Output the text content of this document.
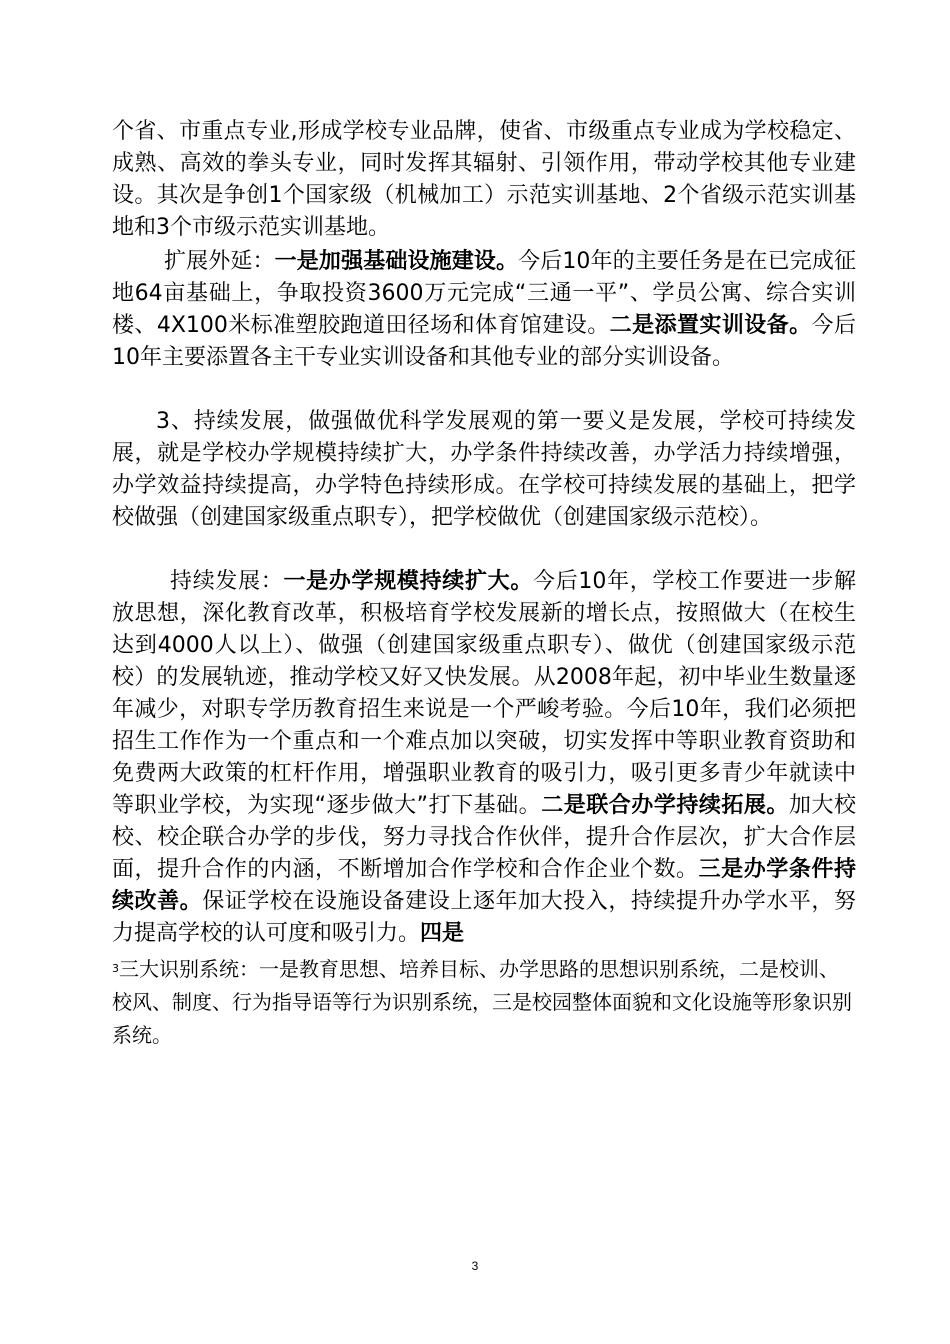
个省、市重点专业,形成学校专业品牌，使省、市级重点专业成为学校稳定、成熟、高效的拳头专业，同时发挥其辐射、引领作用，带动学校其他专业建设。其次是争创1个国家级（机械加工）示范实训基地、2个省级示范实训基地和3个市级示范实训基地。

扩展外延：一是加强基础设施建设。今后10年的主要任务是在已完成征地64亩基础上，争取投资3600万元完成“三通一平”、学员公寓、综合实训楼、4X100米标准塑胶跑道田径场和体育馆建设。二是添置实训设备。今后10年主要添置各主干专业实训设备和其他专业的部分实训设备。

3、持续发展，做强做优科学发展观的第一要义是发展，学校可持续发展，就是学校办学规模持续扩大，办学条件持续改善，办学活力持续增强，办学效益持续提高，办学特色持续形成。在学校可持续发展的基础上，把学校做强（创建国家级重点职专），把学校做优（创建国家级示范校）。

持续发展：一是办学规模持续扩大。今后10年，学校工作要进一步解放思想，深化教育改革，积极培育学校发展新的增长点，按照做大（在校生达到4000人以上）、做强（创建国家级重点职专）、做优（创建国家级示范校）的发展轨迹，推动学校又好又快发展。从2008年起，初中毕业生数量逐年减少，对职专学历教育招生来说是一个严峻考验。今后10年，我们必须把招生工作作为一个重点和一个难点加以突破，切实发挥中等职业教育资助和免费两大政策的杠杆作用，增强职业教育的吸引力，吸引更多青少年就读中等职业学校，为实现“逐步做大”打下基础。二是联合办学持续拓展。加大校校、校企联合办学的步伐，努力寻找合作伙伴，提升合作层次，扩大合作层面，提升合作的内涵，不断增加合作学校和合作企业个数。三是办学条件持续改善。保证学校在设施设备建设上逐年加大投入，持续提升办学水平，努力提高学校的认可度和吸引力。四是

$^3$三大识别系统：一是教育思想、培养目标、办学思路的思想识别系统，二是校训、校风、制度、行为指导语等行为识别系统，三是校园整体面貌和文化设施等形象识别系统。

3
